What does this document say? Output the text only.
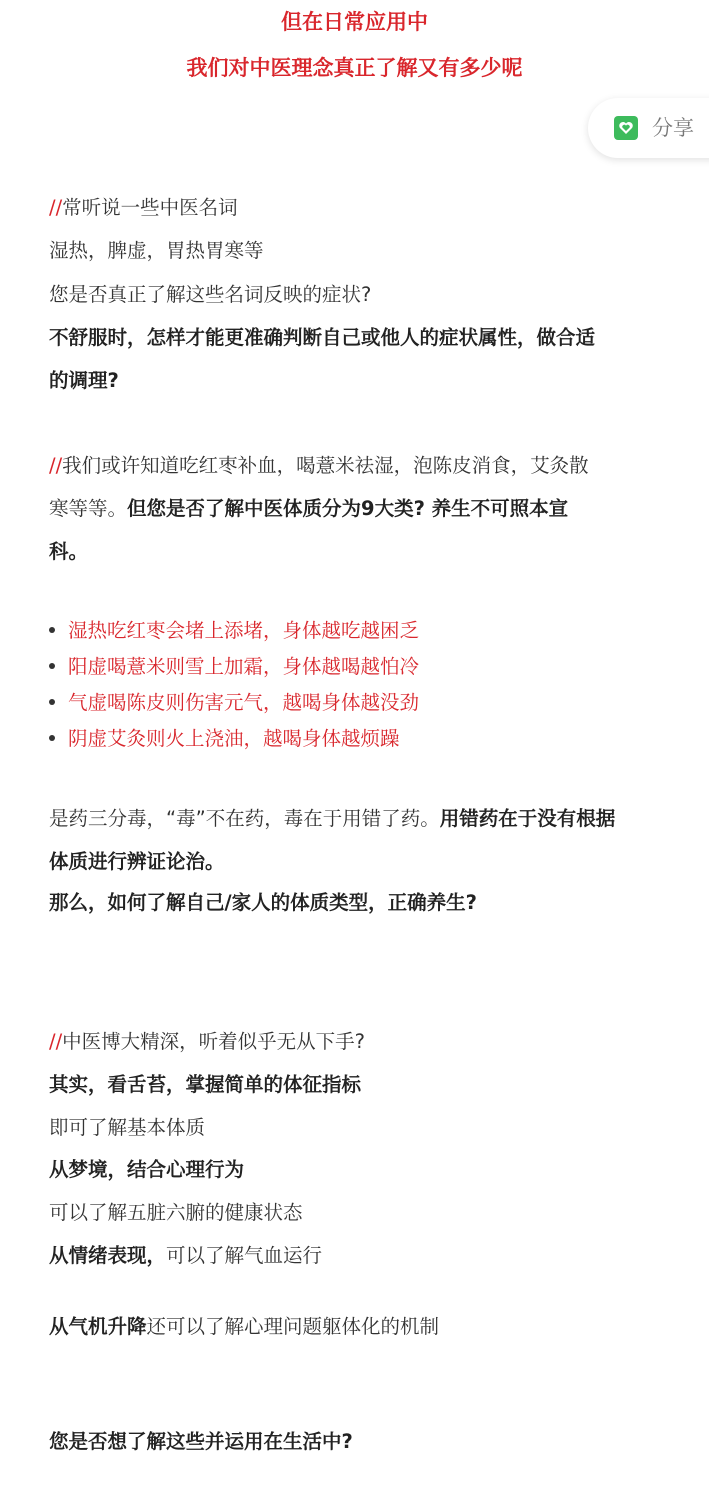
但在日常应用中
我们对中医理念真正了解又有多少呢
分享
//常听说一些中医名词
湿热，脾虚，胃热胃寒等
您是否真正了解这些名词反映的症状?
不舒服时，怎样才能更准确判断自己或他人的症状属性，做合适
的调理?
//我们或许知道吃红枣补血，喝薏米祛湿，泡陈皮消食，艾灸散
寒等等。但您是否了解中医体质分为9大类? 养生不可照本宣
科。
湿热吃红枣会堵上添堵，身体越吃越困乏
阳虚喝薏米则雪上加霜，身体越喝越怕冷
气虚喝陈皮则伤害元气，越喝身体越没劲
阴虚艾灸则火上浇油，越喝身体越烦躁
是药三分毒，“毒”不在药，毒在于用错了药。用错药在于没有根据
体质进行辨证论治。
那么，如何了解自己/家人的体质类型，正确养生?
//中医博大精深，听着似乎无从下手?
其实，看舌苔，掌握简单的体征指标
即可了解基本体质
从梦境，结合心理行为
可以了解五脏六腑的健康状态
从情绪表现，可以了解气血运行
从气机升降还可以了解心理问题躯体化的机制
您是否想了解这些并运用在生活中?
